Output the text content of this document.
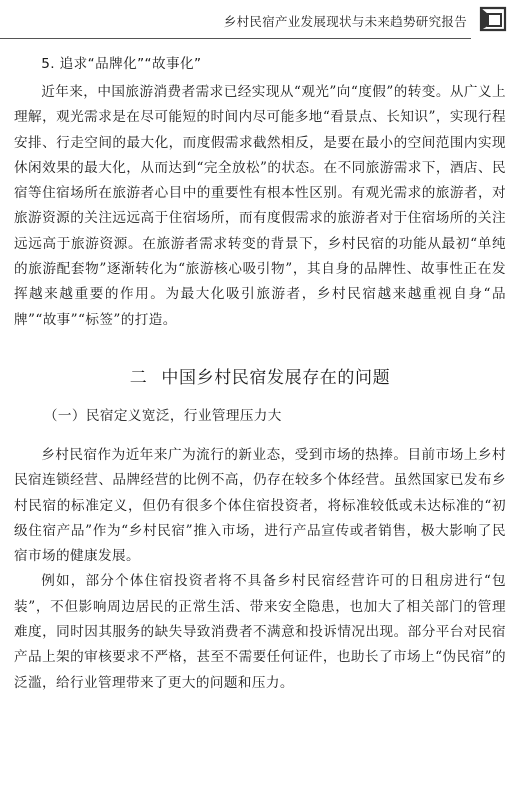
乡村民宿产业发展现状与未来趋势研究报告

5. 追求“品牌化”“故事化”

近年来，中国旅游消费者需求已经实现从“观光”向“度假”的转变。从广义上理解，观光需求是在尽可能短的时间内尽可能多地“看景点、长知识”，实现行程安排、行走空间的最大化，而度假需求截然相反，是要在最小的空间范围内实现休闲效果的最大化，从而达到“完全放松”的状态。在不同旅游需求下，酒店、民宿等住宿场所在旅游者心目中的重要性有根本性区别。有观光需求的旅游者，对旅游资源的关注远远高于住宿场所，而有度假需求的旅游者对于住宿场所的关注远远高于旅游资源。在旅游者需求转变的背景下，乡村民宿的功能从最初“单纯的旅游配套物”逐渐转化为“旅游核心吸引物”，其自身的品牌性、故事性正在发挥越来越重要的作用。为最大化吸引旅游者，乡村民宿越来越重视自身“品牌”“故事”“标签”的打造。

二 中国乡村民宿发展存在的问题

（一）民宿定义宽泛，行业管理压力大

乡村民宿作为近年来广为流行的新业态，受到市场的热捧。目前市场上乡村民宿连锁经营、品牌经营的比例不高，仍存在较多个体经营。虽然国家已发布乡村民宿的标准定义，但仍有很多个体住宿投资者，将标准较低或未达标准的“初级住宿产品”作为“乡村民宿”推入市场，进行产品宣传或者销售，极大影响了民宿市场的健康发展。

例如，部分个体住宿投资者将不具备乡村民宿经营许可的日租房进行“包装”，不但影响周边居民的正常生活、带来安全隐患，也加大了相关部门的管理难度，同时因其服务的缺失导致消费者不满意和投诉情况出现。部分平台对民宿产品上架的审核要求不严格，甚至不需要任何证件，也助长了市场上“伪民宿”的泛滥，给行业管理带来了更大的问题和压力。
